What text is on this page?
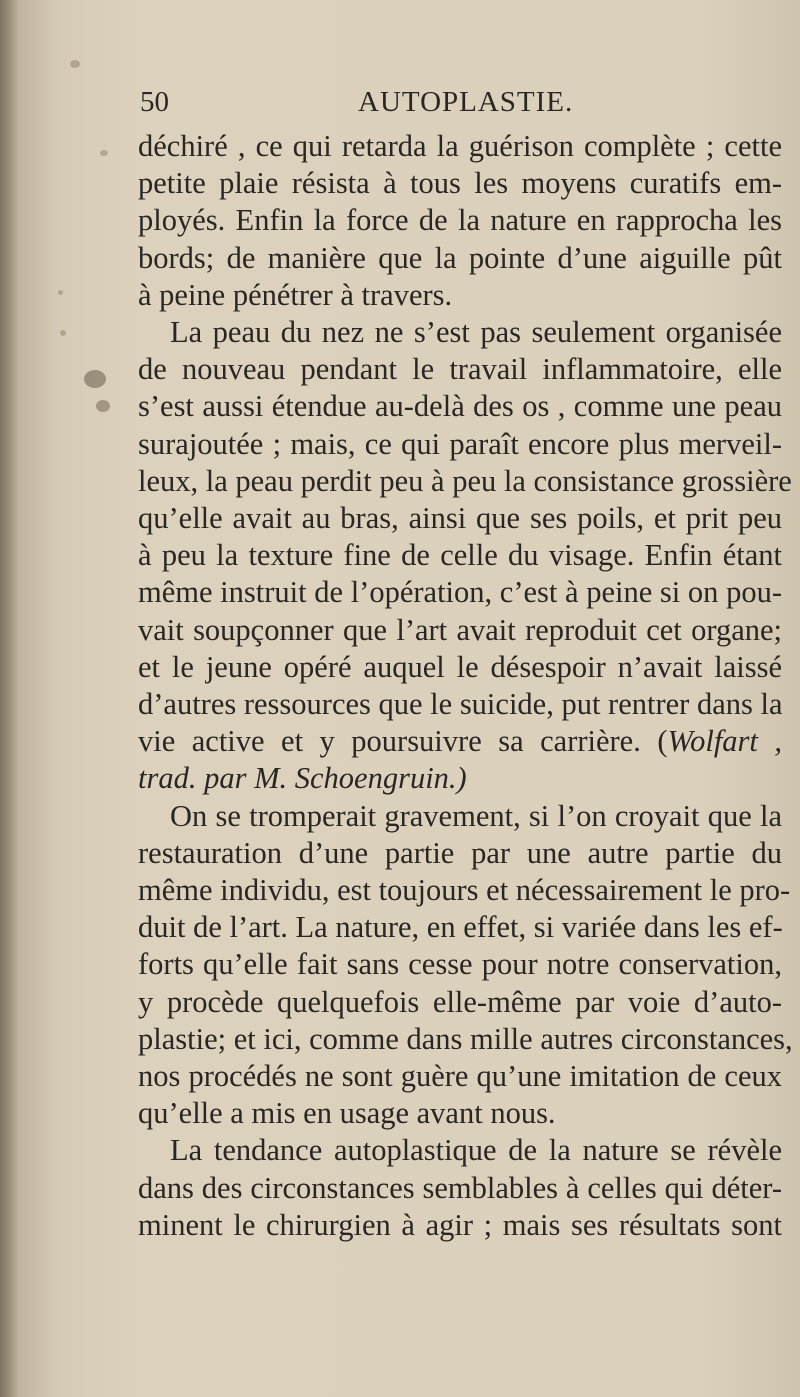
50	AUTOPLASTIE.
déchiré , ce qui retarda la guérison complète ; cette
petite plaie résista à tous les moyens curatifs em-
ployés. Enfin la force de la nature en rapprocha les
bords; de manière que la pointe d’une aiguille pût
à peine pénétrer à travers.
La peau du nez ne s’est pas seulement organisée
de nouveau pendant le travail inflammatoire, elle
s’est aussi étendue au-delà des os , comme une peau
surajoutée ; mais, ce qui paraît encore plus merveil-
leux, la peau perdit peu à peu la consistance grossière
qu’elle avait au bras, ainsi que ses poils, et prit peu
à peu la texture fine de celle du visage. Enfin étant
même instruit de l’opération, c’est à peine si on pou-
vait soupçonner que l’art avait reproduit cet organe;
et le jeune opéré auquel le désespoir n’avait laissé
d’autres ressources que le suicide, put rentrer dans la
vie active et y poursuivre sa carrière. (Wolfart ,
trad. par M. Schoengruin.)
On se tromperait gravement, si l’on croyait que la
restauration d’une partie par une autre partie du
même individu, est toujours et nécessairement le pro-
duit de l’art. La nature, en effet, si variée dans les ef-
forts qu’elle fait sans cesse pour notre conservation,
y procède quelquefois elle-même par voie d’auto-
plastie; et ici, comme dans mille autres circonstances,
nos procédés ne sont guère qu’une imitation de ceux
qu’elle a mis en usage avant nous.
La tendance autoplastique de la nature se révèle
dans des circonstances semblables à celles qui déter-
minent le chirurgien à agir ; mais ses résultats sont
